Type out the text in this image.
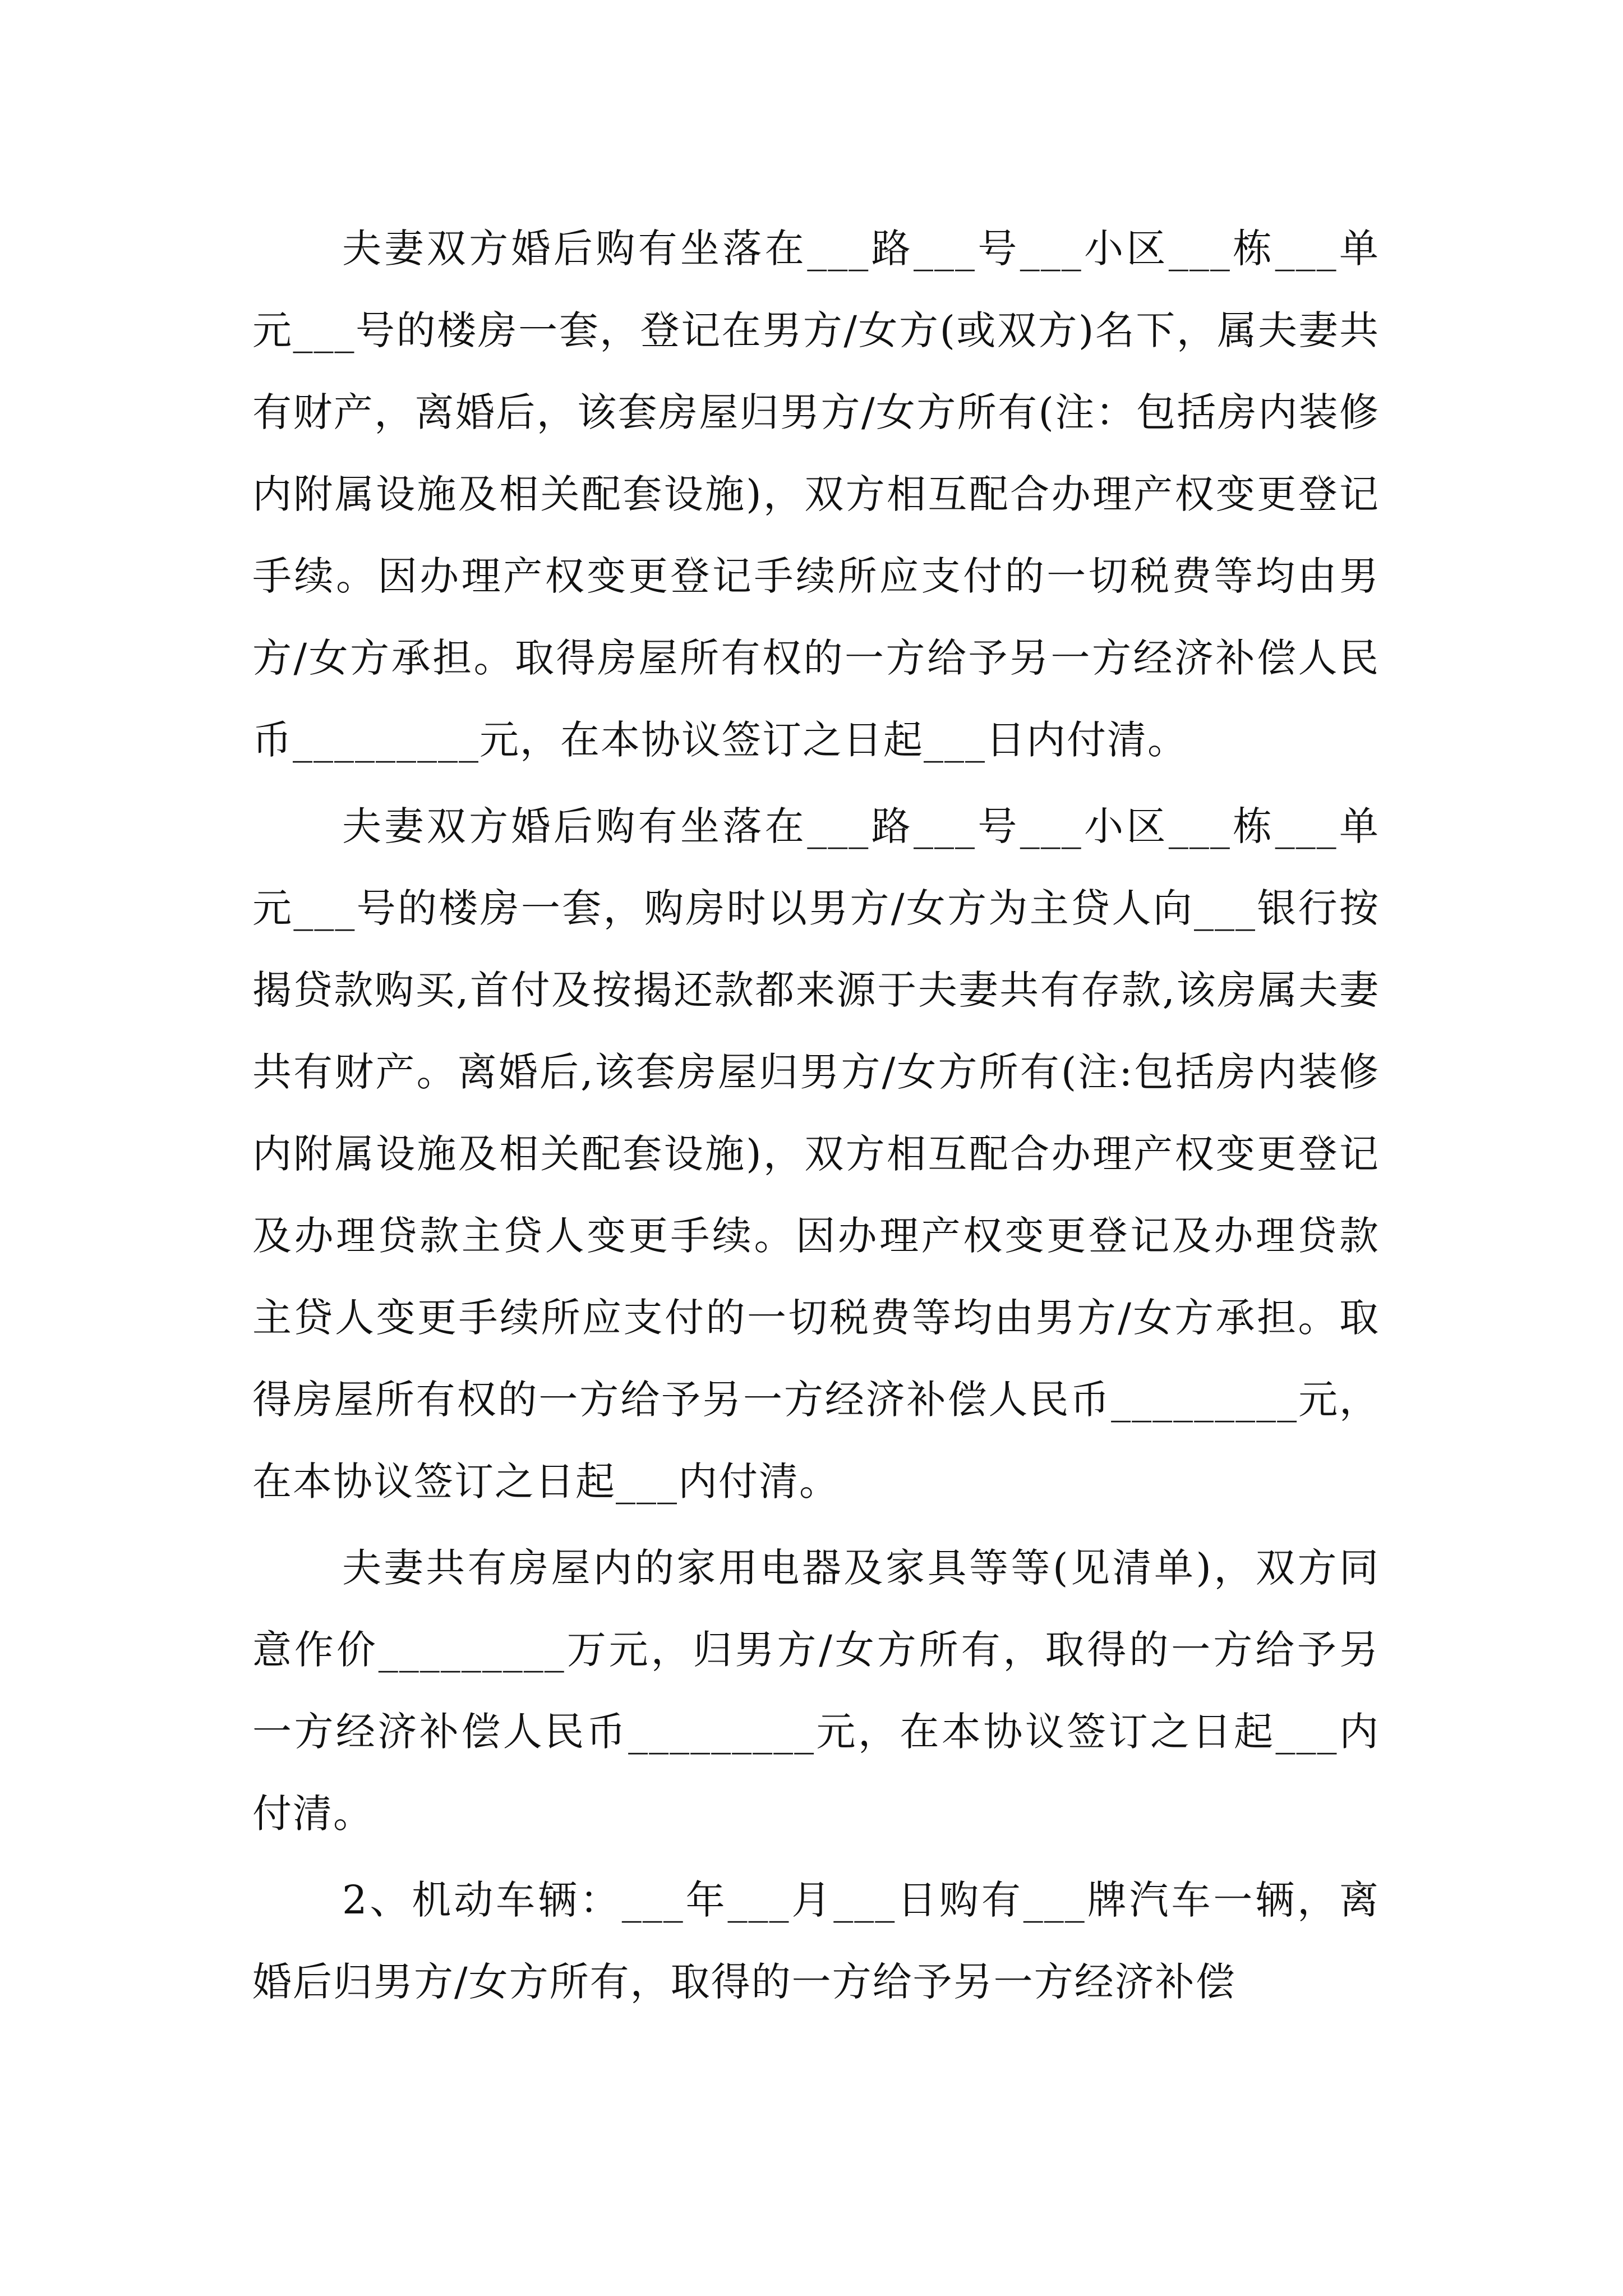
夫妻双方婚后购有坐落在___路___号___小区___栋___单元___号的楼房一套，登记在男方/女方(或双方)名下，属夫妻共有财产，离婚后，该套房屋归男方/女方所有(注：包括房内装修内附属设施及相关配套设施)，双方相互配合办理产权变更登记手续。因办理产权变更登记手续所应支付的一切税费等均由男方/女方承担。取得房屋所有权的一方给予另一方经济补偿人民币_________元，在本协议签订之日起___日内付清。

夫妻双方婚后购有坐落在___路___号___小区___栋___单元___号的楼房一套，购房时以男方/女方为主贷人向___银行按揭贷款购买,首付及按揭还款都来源于夫妻共有存款,该房属夫妻共有财产。离婚后,该套房屋归男方/女方所有(注:包括房内装修内附属设施及相关配套设施)，双方相互配合办理产权变更登记及办理贷款主贷人变更手续。因办理产权变更登记及办理贷款主贷人变更手续所应支付的一切税费等均由男方/女方承担。取得房屋所有权的一方给予另一方经济补偿人民币_________元，在本协议签订之日起___内付清。

夫妻共有房屋内的家用电器及家具等等(见清单)，双方同意作价_________万元，归男方/女方所有，取得的一方给予另一方经济补偿人民币_________元，在本协议签订之日起___内付清。

2、机动车辆：___年___月___日购有___牌汽车一辆，离婚后归男方/女方所有，取得的一方给予另一方经济补偿
